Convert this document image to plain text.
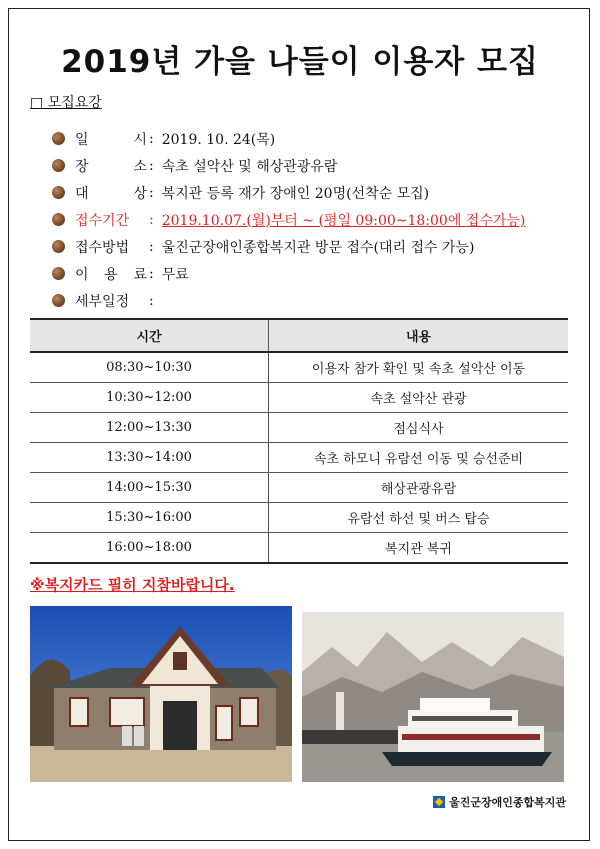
2019년 가을 나들이 이용자 모집
□ 모집요강
일	시 : 2019. 10. 24(목)
장	소 : 속초 설악산 및 해상관광유람
대	상 : 복지관 등록 재가 장애인 20명(선착순 모집)
접수기간 : 2019.10.07.(월)부터 ~ (평일 09:00~18:00에 접수가능)
접수방법 : 울진군장애인종합복지관 방문 접수(대리 접수 가능)
이 용 료 : 무료
세부일정 :
시간	내용
08:30~10:30	이용자 참가 확인 및 속초 설악산 이동
10:30~12:00	속초 설악산 관광
12:00~13:30	점심식사
13:30~14:00	속초 하모니 유람선 이동 및 승선준비
14:00~15:30	해상관광유람
15:30~16:00	유람선 하선 및 버스 탑승
16:00~18:00	복지관 복귀
※복지카드 필히 지참바랍니다.
울진군장애인종합복지관
